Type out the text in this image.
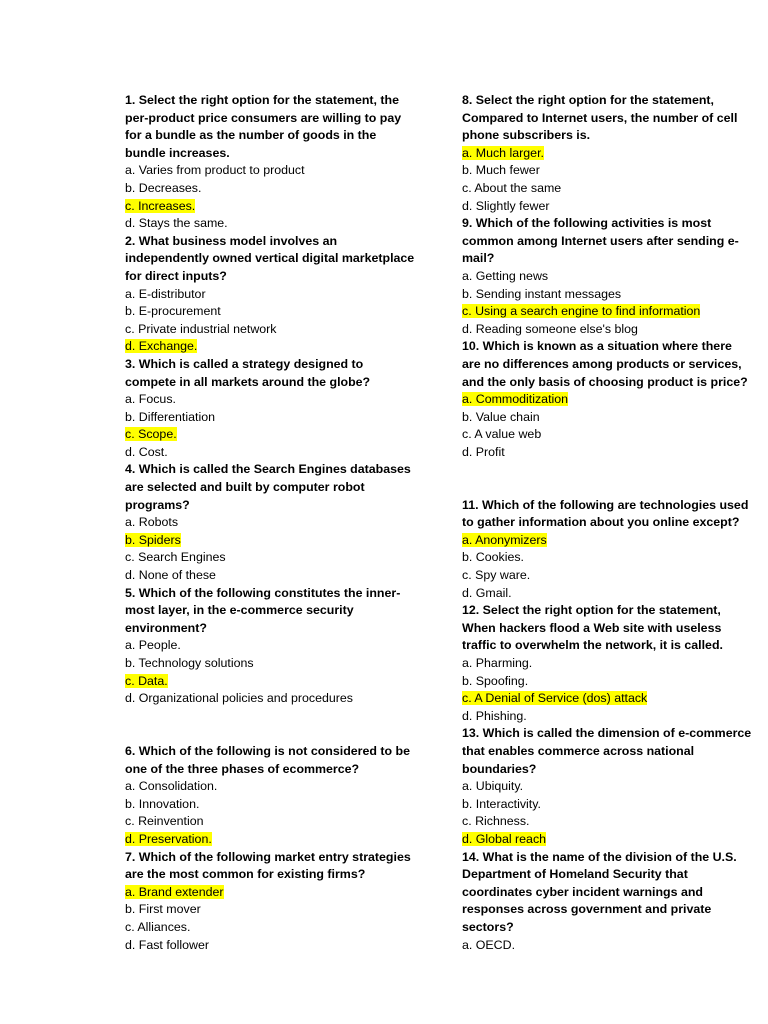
1. Select the right option for the statement, the per-product price consumers are willing to pay for a bundle as the number of goods in the bundle increases.

a. Varies from product to product

b. Decreases.

c. Increases.

d. Stays the same.

2. What business model involves an independently owned vertical digital marketplace for direct inputs?

a. E-distributor

b. E-procurement

c. Private industrial network

d. Exchange.

3. Which is called a strategy designed to compete in all markets around the globe?

a. Focus.

b. Differentiation

c. Scope.

d. Cost.

4. Which is called the Search Engines databases are selected and built by computer robot programs?

a. Robots

b. Spiders

c. Search Engines

d. None of these

5. Which of the following constitutes the inner-most layer, in the e-commerce security environment?

a. People.

b. Technology solutions

c. Data.

d. Organizational policies and procedures

6. Which of the following is not considered to be one of the three phases of ecommerce?

a. Consolidation.

b. Innovation.

c. Reinvention

d. Preservation.

7. Which of the following market entry strategies are the most common for existing firms?

a. Brand extender

b. First mover

c. Alliances.

d. Fast follower

8. Select the right option for the statement, Compared to Internet users, the number of cell phone subscribers is.

a. Much larger.

b. Much fewer

c. About the same

d. Slightly fewer

9. Which of the following activities is most common among Internet users after sending e-mail?

a. Getting news

b. Sending instant messages

c. Using a search engine to find information

d. Reading someone else's blog

10. Which is known as a situation where there are no differences among products or services, and the only basis of choosing product is price?

a. Commoditization

b. Value chain

c. A value web

d. Profit

11. Which of the following are technologies used to gather information about you online except?

a. Anonymizers

b. Cookies.

c. Spy ware.

d. Gmail.

12. Select the right option for the statement, When hackers flood a Web site with useless traffic to overwhelm the network, it is called.

a. Pharming.

b. Spoofing.

c. A Denial of Service (dos) attack

d. Phishing.

13. Which is called the dimension of e-commerce that enables commerce across national boundaries?

a. Ubiquity.

b. Interactivity.

c. Richness.

d. Global reach

14. What is the name of the division of the U.S. Department of Homeland Security that coordinates cyber incident warnings and responses across government and private sectors?

a. OECD.
